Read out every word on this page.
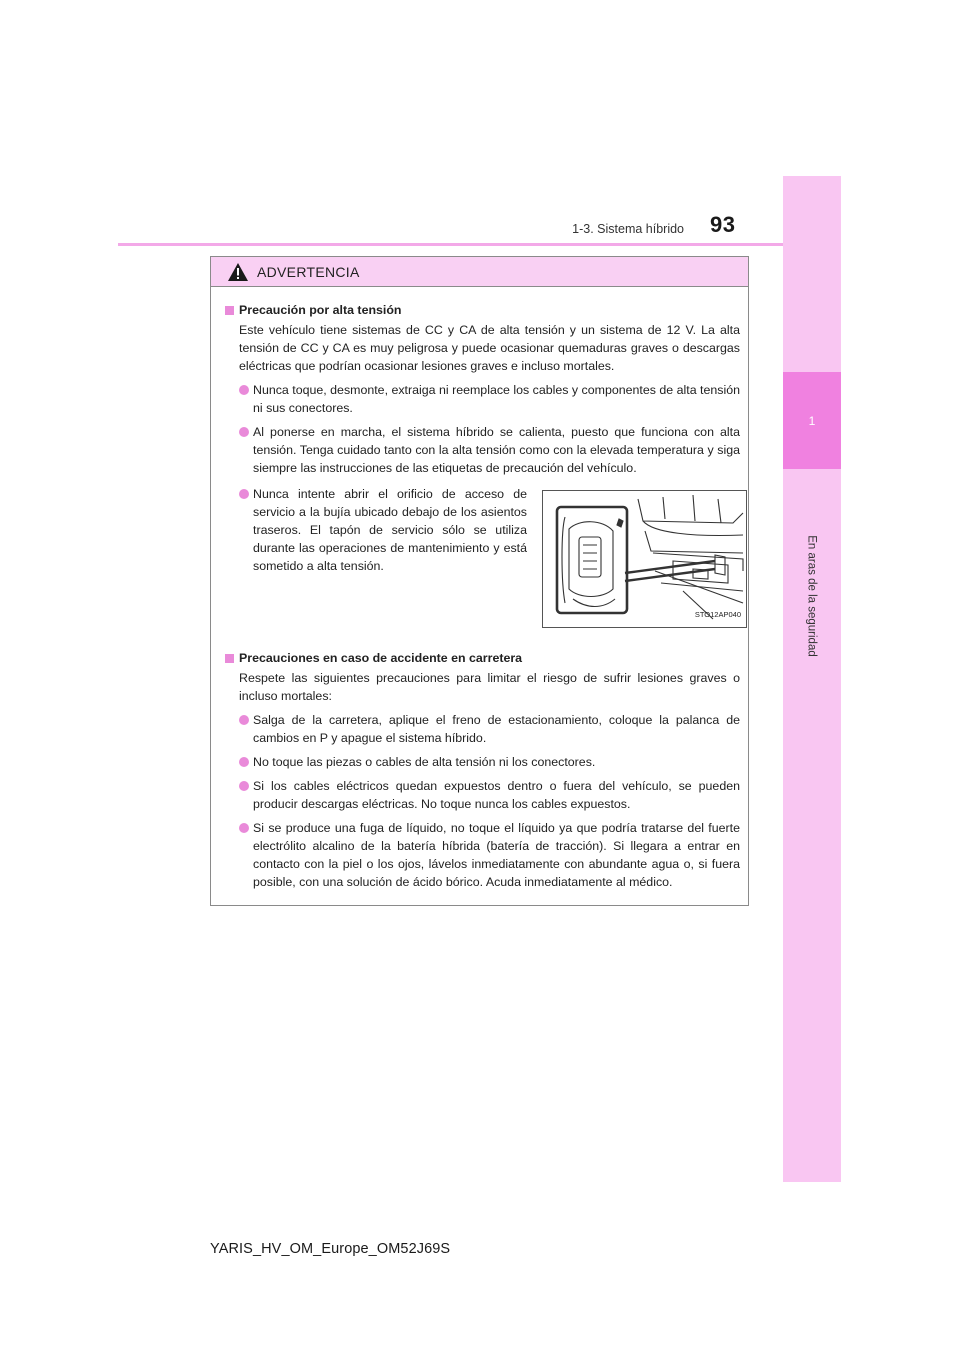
1
En aras de la seguridad
93
1-3. Sistema híbrido
ADVERTENCIA
Precaución por alta tensión
Este vehículo tiene sistemas de CC y CA de alta tensión y un sistema de 12 V. La alta tensión de CC y CA es muy peligrosa y puede ocasionar quemaduras graves o descargas eléctricas que podrían ocasionar lesiones graves e incluso mortales.
Nunca toque, desmonte, extraiga ni reemplace los cables y componentes de alta tensión ni sus conectores.
Al ponerse en marcha, el sistema híbrido se calienta, puesto que funciona con alta tensión. Tenga cuidado tanto con la alta tensión como con la elevada temperatura y siga siempre las instrucciones de las etiquetas de precaución del vehículo.
Nunca intente abrir el orificio de acceso de servicio a la bujía ubicado debajo de los asientos traseros. El tapón de servicio sólo se utiliza durante las operaciones de mantenimiento y está sometido a alta tensión.
STO12AP040
Precauciones en caso de accidente en carretera
Respete las siguientes precauciones para limitar el riesgo de sufrir lesiones graves o incluso mortales:
Salga de la carretera, aplique el freno de estacionamiento, coloque la palanca de cambios en P y apague el sistema híbrido.
No toque las piezas o cables de alta tensión ni los conectores.
Si los cables eléctricos quedan expuestos dentro o fuera del vehículo, se pueden producir descargas eléctricas. No toque nunca los cables expuestos.
Si se produce una fuga de líquido, no toque el líquido ya que podría tratarse del fuerte electrólito alcalino de la batería híbrida (batería de tracción). Si llegara a entrar en contacto con la piel o los ojos, lávelos inmediatamente con abundante agua o, si fuera posible, con una solución de ácido bórico. Acuda inmediatamente al médico.
YARIS_HV_OM_Europe_OM52J69S
